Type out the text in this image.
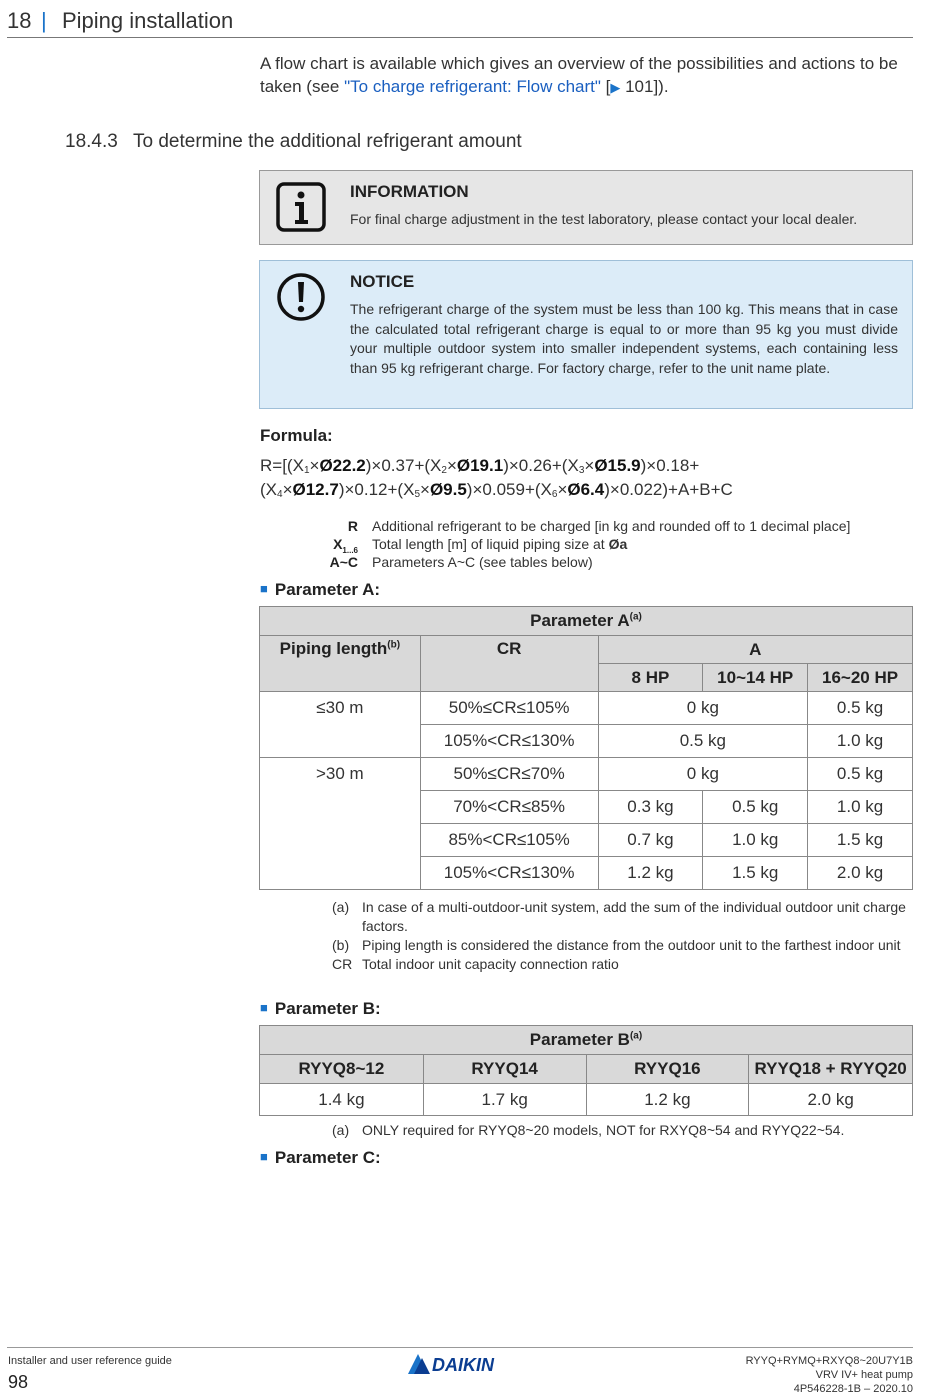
18 | Piping installation

A flow chart is available which gives an overview of the possibilities and actions to be taken (see "To charge refrigerant: Flow chart" [▶ 101]).

18.4.3 To determine the additional refrigerant amount
INFORMATION
For final charge adjustment in the test laboratory, please contact your local dealer.
NOTICE
The refrigerant charge of the system must be less than 100 kg. This means that in case the calculated total refrigerant charge is equal to or more than 95 kg you must divide your multiple outdoor system into smaller independent systems, each containing less than 95 kg refrigerant charge. For factory charge, refer to the unit name plate.
Formula:
$R=[(X_1\times Ø22.2)\times 0.37+(X_2\times Ø19.1)\times 0.26+(X_3\times Ø15.9)\times 0.18+$
$(X_4\times Ø12.7)\times 0.12+(X_5\times Ø9.5)\times 0.059+(X_6\times Ø6.4)\times 0.022)+A+B+C$
R Additional refrigerant to be charged [in kg and rounded off to 1 decimal place]
$X_{1...6}$ Total length [m] of liquid piping size at Øa
A~C Parameters A~C (see tables below)
■ Parameter A:
Parameter $A^{(a)}$
Piping length$^{(b)}$	CR	A		
		8 HP	10~14 HP	16~20 HP
≤30 m	50%≤CR≤105%	0 kg		0.5 kg
	105%<CR≤130%	0.5 kg		1.0 kg
>30 m	50%≤CR≤70%	0 kg		0.5 kg
	70%<CR≤85%	0.3 kg	0.5 kg	1.0 kg
	85%<CR≤105%	0.7 kg	1.0 kg	1.5 kg
	105%<CR≤130%	1.2 kg	1.5 kg	2.0 kg
(a) In case of a multi-outdoor-unit system, add the sum of the individual outdoor unit charge factors.
(b) Piping length is considered the distance from the outdoor unit to the farthest indoor unit
CR Total indoor unit capacity connection ratio
■ Parameter B:
Parameter $B^{(a)}$
RYYQ8~12	RYYQ14	RYYQ16	RYYQ18 + RYYQ20
1.4 kg	1.7 kg	1.2 kg	2.0 kg
(a) ONLY required for RYYQ8~20 models, NOT for RXYQ8~54 and RYYQ22~54.
■ Parameter C:
Installer and user reference guide
98
DAIKIN	RYYQ+RYMQ+RXYQ8~20U7Y1B
VRV IV+ heat pump
4P546228-1B – 2020.10
